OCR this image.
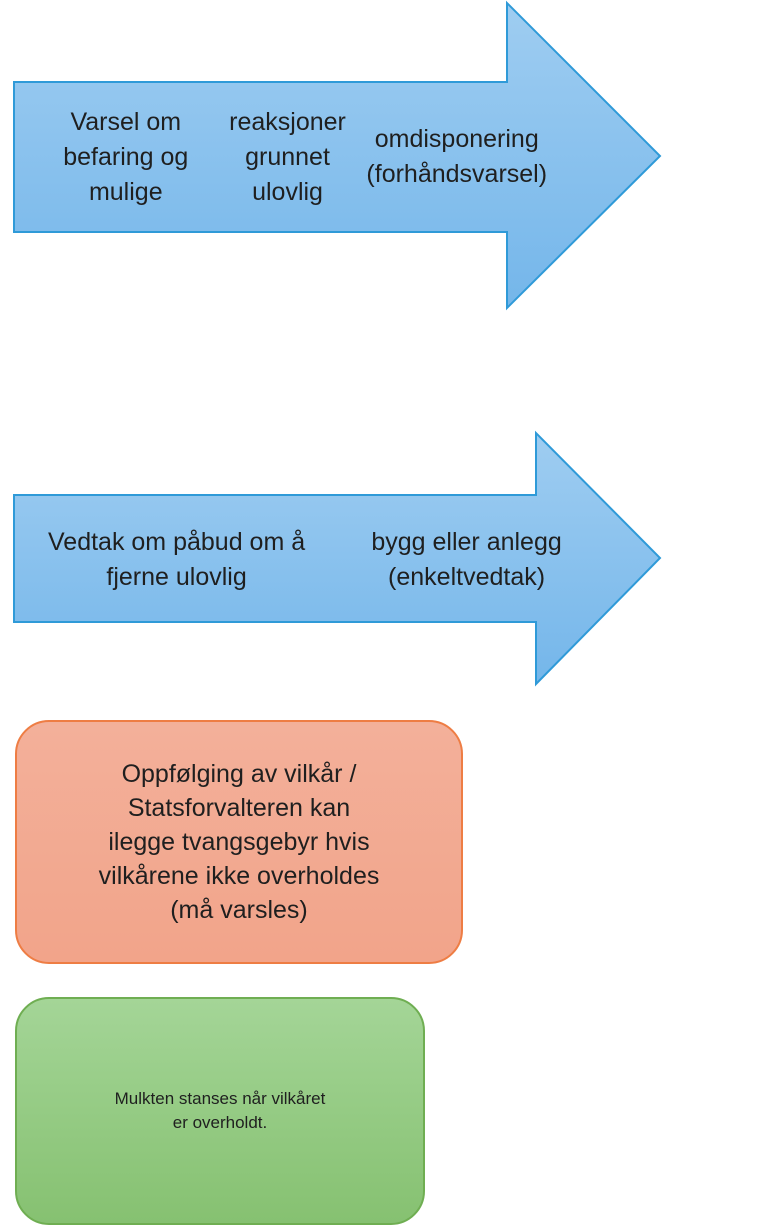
Varsel om befaring og mulige
reaksjoner grunnet ulovlig
omdisponering (forhåndsvarsel)
Vedtak om påbud om å fjerne ulovlig
bygg eller anlegg (enkeltvedtak)
Oppfølging av vilkår /
Statsforvalteren kan
ilegge tvangsgebyr hvis
vilkårene ikke overholdes
(må varsles)
Mulkten stanses når vilkåret
er overholdt.
